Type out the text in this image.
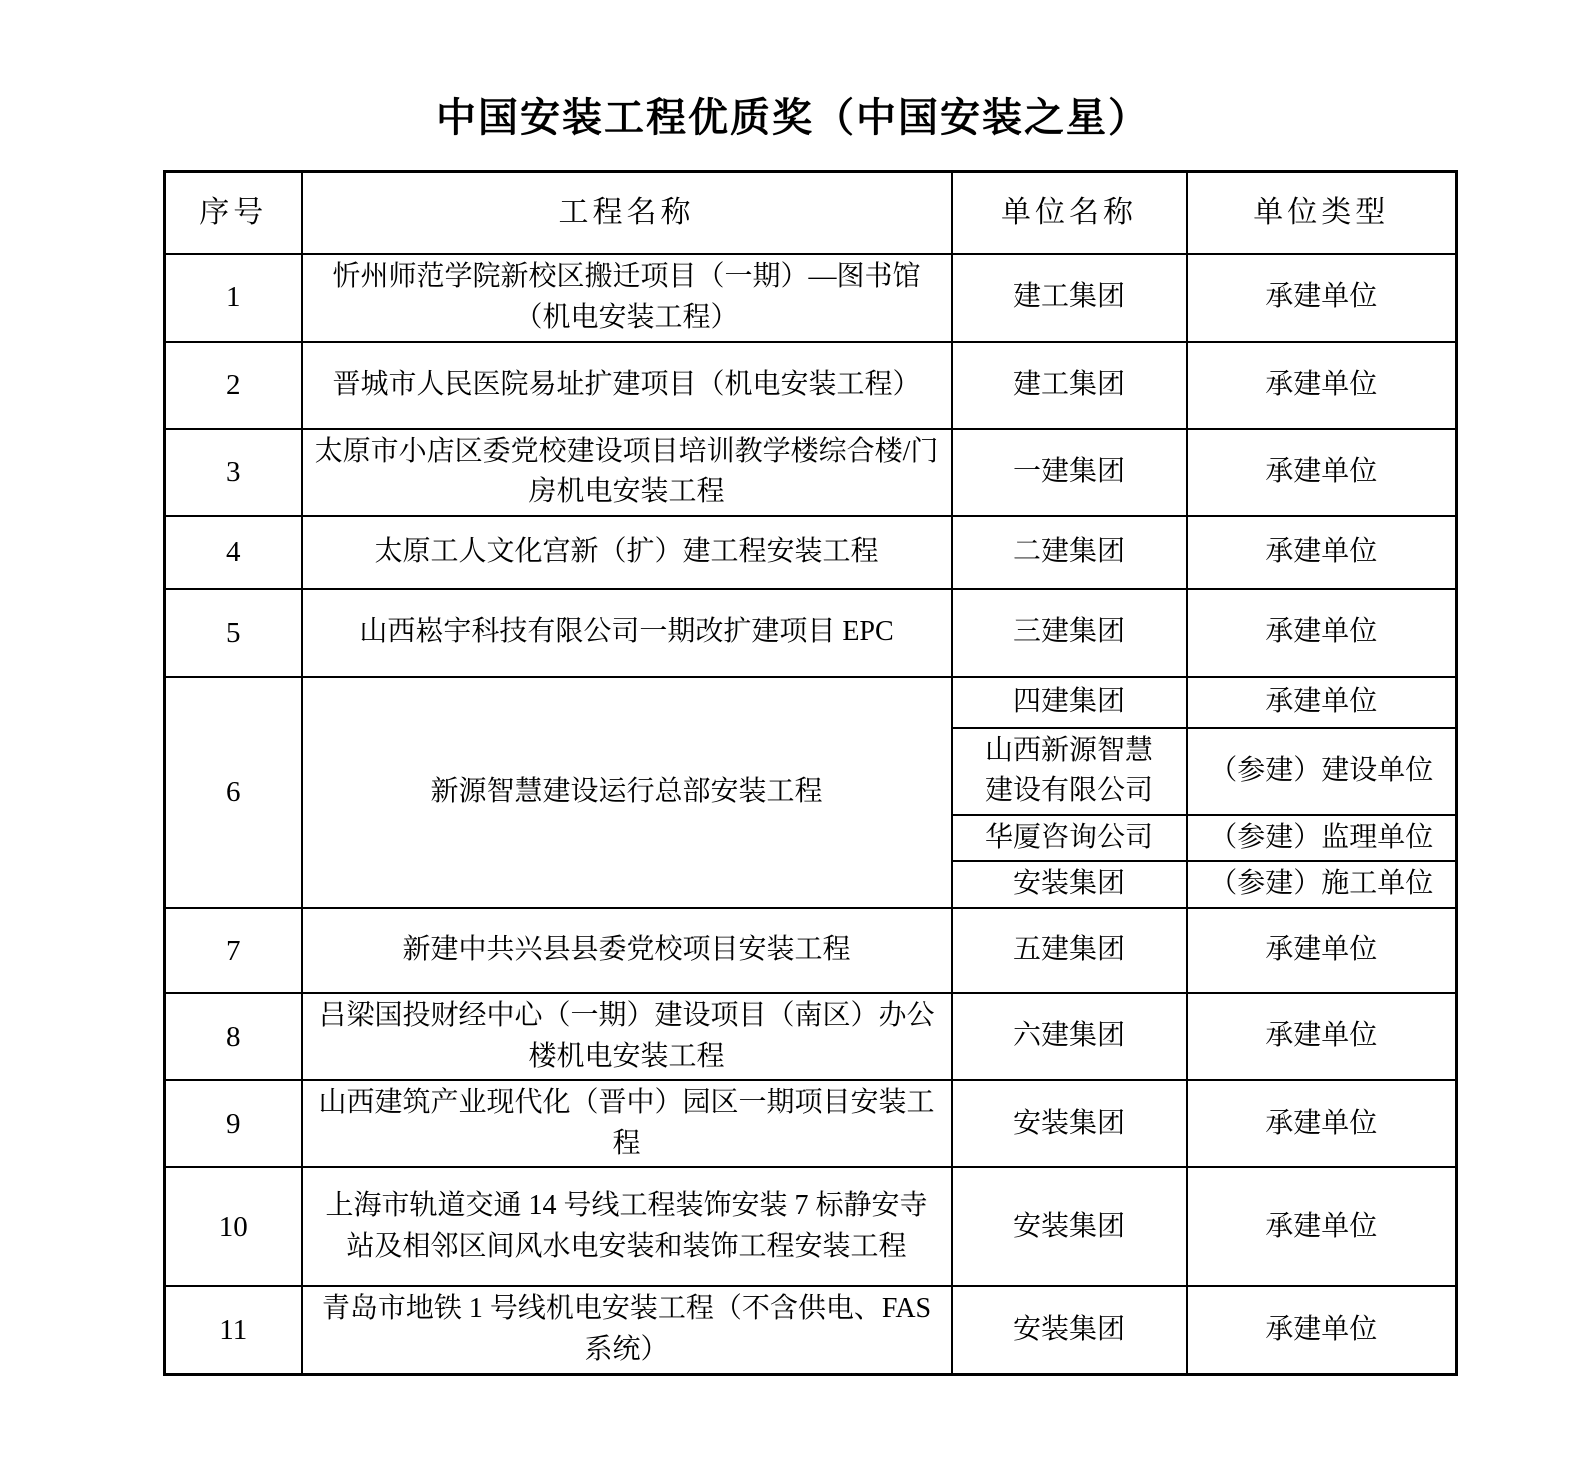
中国安装工程优质奖（中国安装之星）
序号	工程名称	单位名称	单位类型
1	忻州师范学院新校区搬迁项目（一期）—图书馆（机电安装工程）	建工集团	承建单位
2	晋城市人民医院易址扩建项目（机电安装工程）	建工集团	承建单位
3	太原市小店区委党校建设项目培训教学楼综合楼/门房机电安装工程	一建集团	承建单位
4	太原工人文化宫新（扩）建工程安装工程	二建集团	承建单位
5	山西崧宇科技有限公司一期改扩建项目 EPC	三建集团	承建单位
6	新源智慧建设运行总部安装工程	四建集团	承建单位
		山西新源智慧建设有限公司	（参建）建设单位
		华厦咨询公司	（参建）监理单位
		安装集团	（参建）施工单位
7	新建中共兴县县委党校项目安装工程	五建集团	承建单位
8	吕梁国投财经中心（一期）建设项目（南区）办公楼机电安装工程	六建集团	承建单位
9	山西建筑产业现代化（晋中）园区一期项目安装工程	安装集团	承建单位
10	上海市轨道交通 14 号线工程装饰安装 7 标静安寺站及相邻区间风水电安装和装饰工程安装工程	安装集团	承建单位
11	青岛市地铁 1 号线机电安装工程（不含供电、FAS 系统）	安装集团	承建单位
